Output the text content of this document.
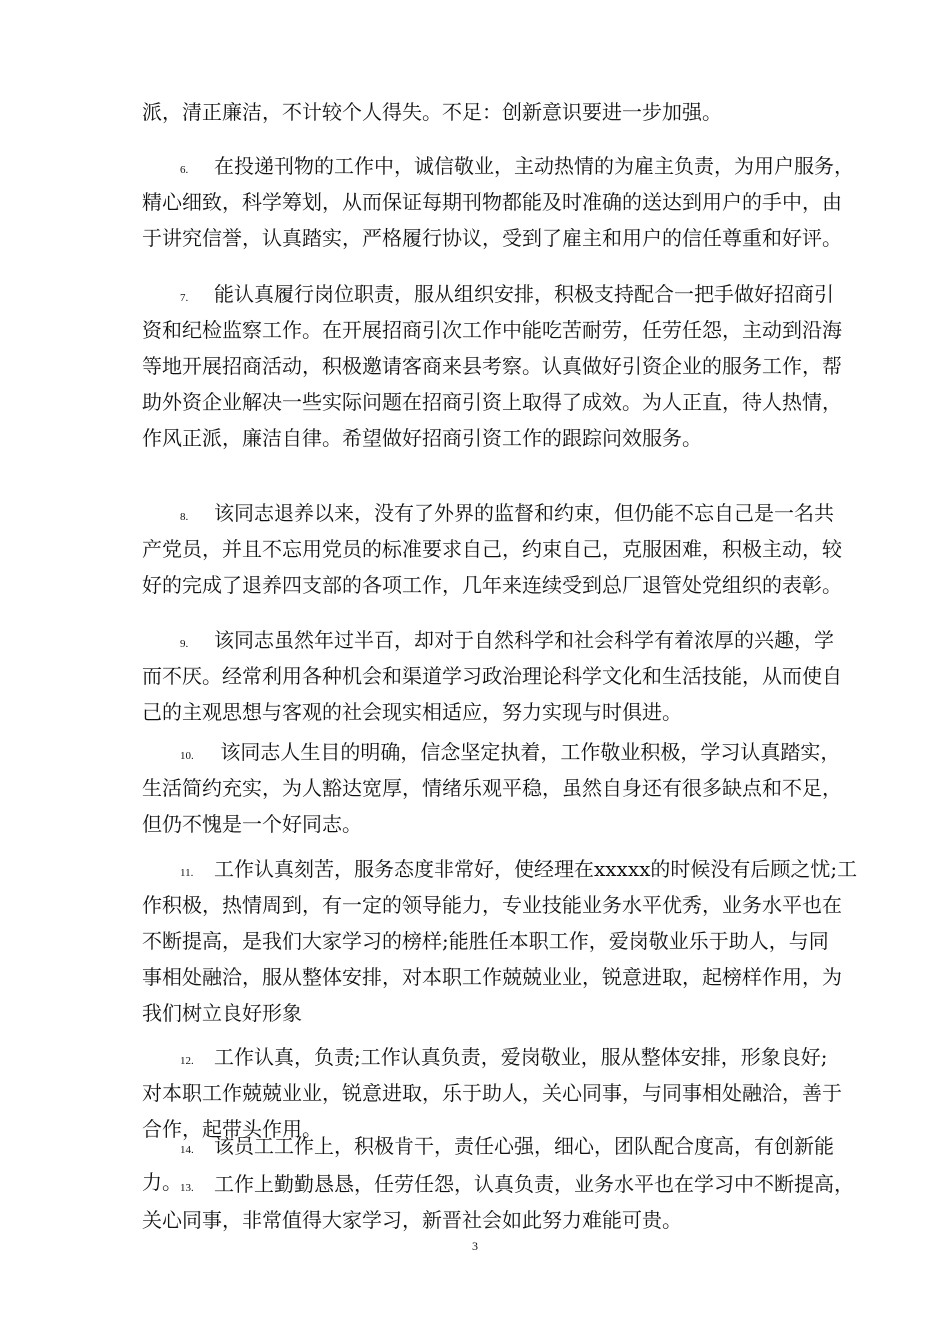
派，清正廉洁，不计较个人得失。不足：创新意识要进一步加强。
6. 在投递刊物的工作中，诚信敬业，主动热情的为雇主负责，为用户服务，
精心细致，科学筹划，从而保证每期刊物都能及时准确的送达到用户的手中，由
于讲究信誉，认真踏实，严格履行协议，受到了雇主和用户的信任尊重和好评。
7. 能认真履行岗位职责，服从组织安排，积极支持配合一把手做好招商引
资和纪检监察工作。在开展招商引次工作中能吃苦耐劳，任劳任怨，主动到沿海
等地开展招商活动，积极邀请客商来县考察。认真做好引资企业的服务工作，帮
助外资企业解决一些实际问题在招商引资上取得了成效。为人正直，待人热情，
作风正派，廉洁自律。希望做好招商引资工作的跟踪问效服务。
8. 该同志退养以来，没有了外界的监督和约束，但仍能不忘自己是一名共
产党员，并且不忘用党员的标准要求自己，约束自己，克服困难，积极主动，较
好的完成了退养四支部的各项工作，几年来连续受到总厂退管处党组织的表彰。
9. 该同志虽然年过半百，却对于自然科学和社会科学有着浓厚的兴趣，学
而不厌。经常利用各种机会和渠道学习政治理论科学文化和生活技能，从而使自
己的主观思想与客观的社会现实相适应，努力实现与时俱进。
10. 该同志人生目的明确，信念坚定执着，工作敬业积极，学习认真踏实，
生活简约充实，为人豁达宽厚，情绪乐观平稳，虽然自身还有很多缺点和不足，
但仍不愧是一个好同志。
11. 工作认真刻苦，服务态度非常好，使经理在xxxxx的时候没有后顾之忧;工
作积极，热情周到，有一定的领导能力，专业技能业务水平优秀，业务水平也在
不断提高，是我们大家学习的榜样;能胜任本职工作，爱岗敬业乐于助人，与同
事相处融洽，服从整体安排，对本职工作兢兢业业，锐意进取，起榜样作用，为
我们树立良好形象
12. 工作认真，负责;工作认真负责，爱岗敬业，服从整体安排，形象良好;
对本职工作兢兢业业，锐意进取，乐于助人，关心同事，与同事相处融洽，善于
合作，起带头作用。
13. 工作上勤勤恳恳，任劳任怨，认真负责，业务水平也在学习中不断提高，
关心同事，非常值得大家学习，新晋社会如此努力难能可贵。
14. 该员工工作上，积极肯干，责任心强，细心，团队配合度高，有创新能
力。
3
